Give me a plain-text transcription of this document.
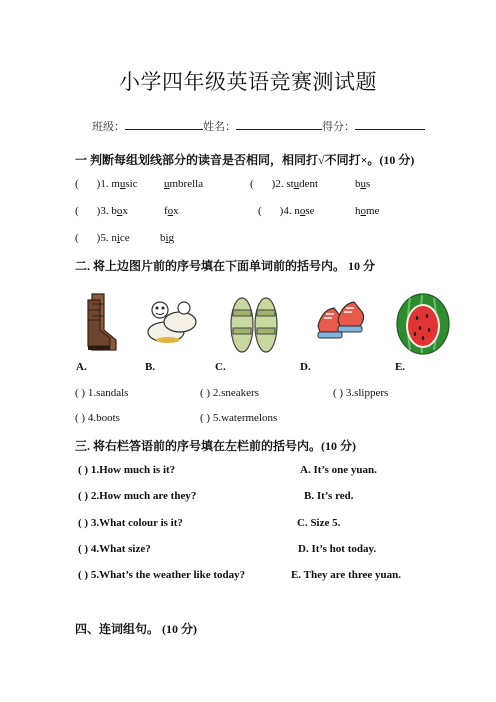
小学四年级英语竞赛测试题
班级：	姓名：	得分：
一 判断每组划线部分的读音是否相同，相同打√不同打×。(10 分)
( )1. music umbrella	( )2. student	bus
( )3. box	fox	( )4. nose	home
( )5. nice	big
二. 将上边图片前的序号填在下面单词前的括号内。 10 分
A.	B.	C.	D.	E.
( ) 1.sandals	( ) 2.sneakers	( ) 3.slippers
( ) 4.boots	( ) 5.watermelons
三. 将右栏答语前的序号填在左栏前的括号内。(10 分)
( ) 1.How much is it?	A. It’s one yuan.
( ) 2.How much are they?	B. It’s red.
( ) 3.What colour is it?	C. Size 5.
( ) 4.What size?	D. It’s hot today.
( ) 5.What’s the weather like today?	E. They are three yuan.
四、连词组句。 (10 分)
